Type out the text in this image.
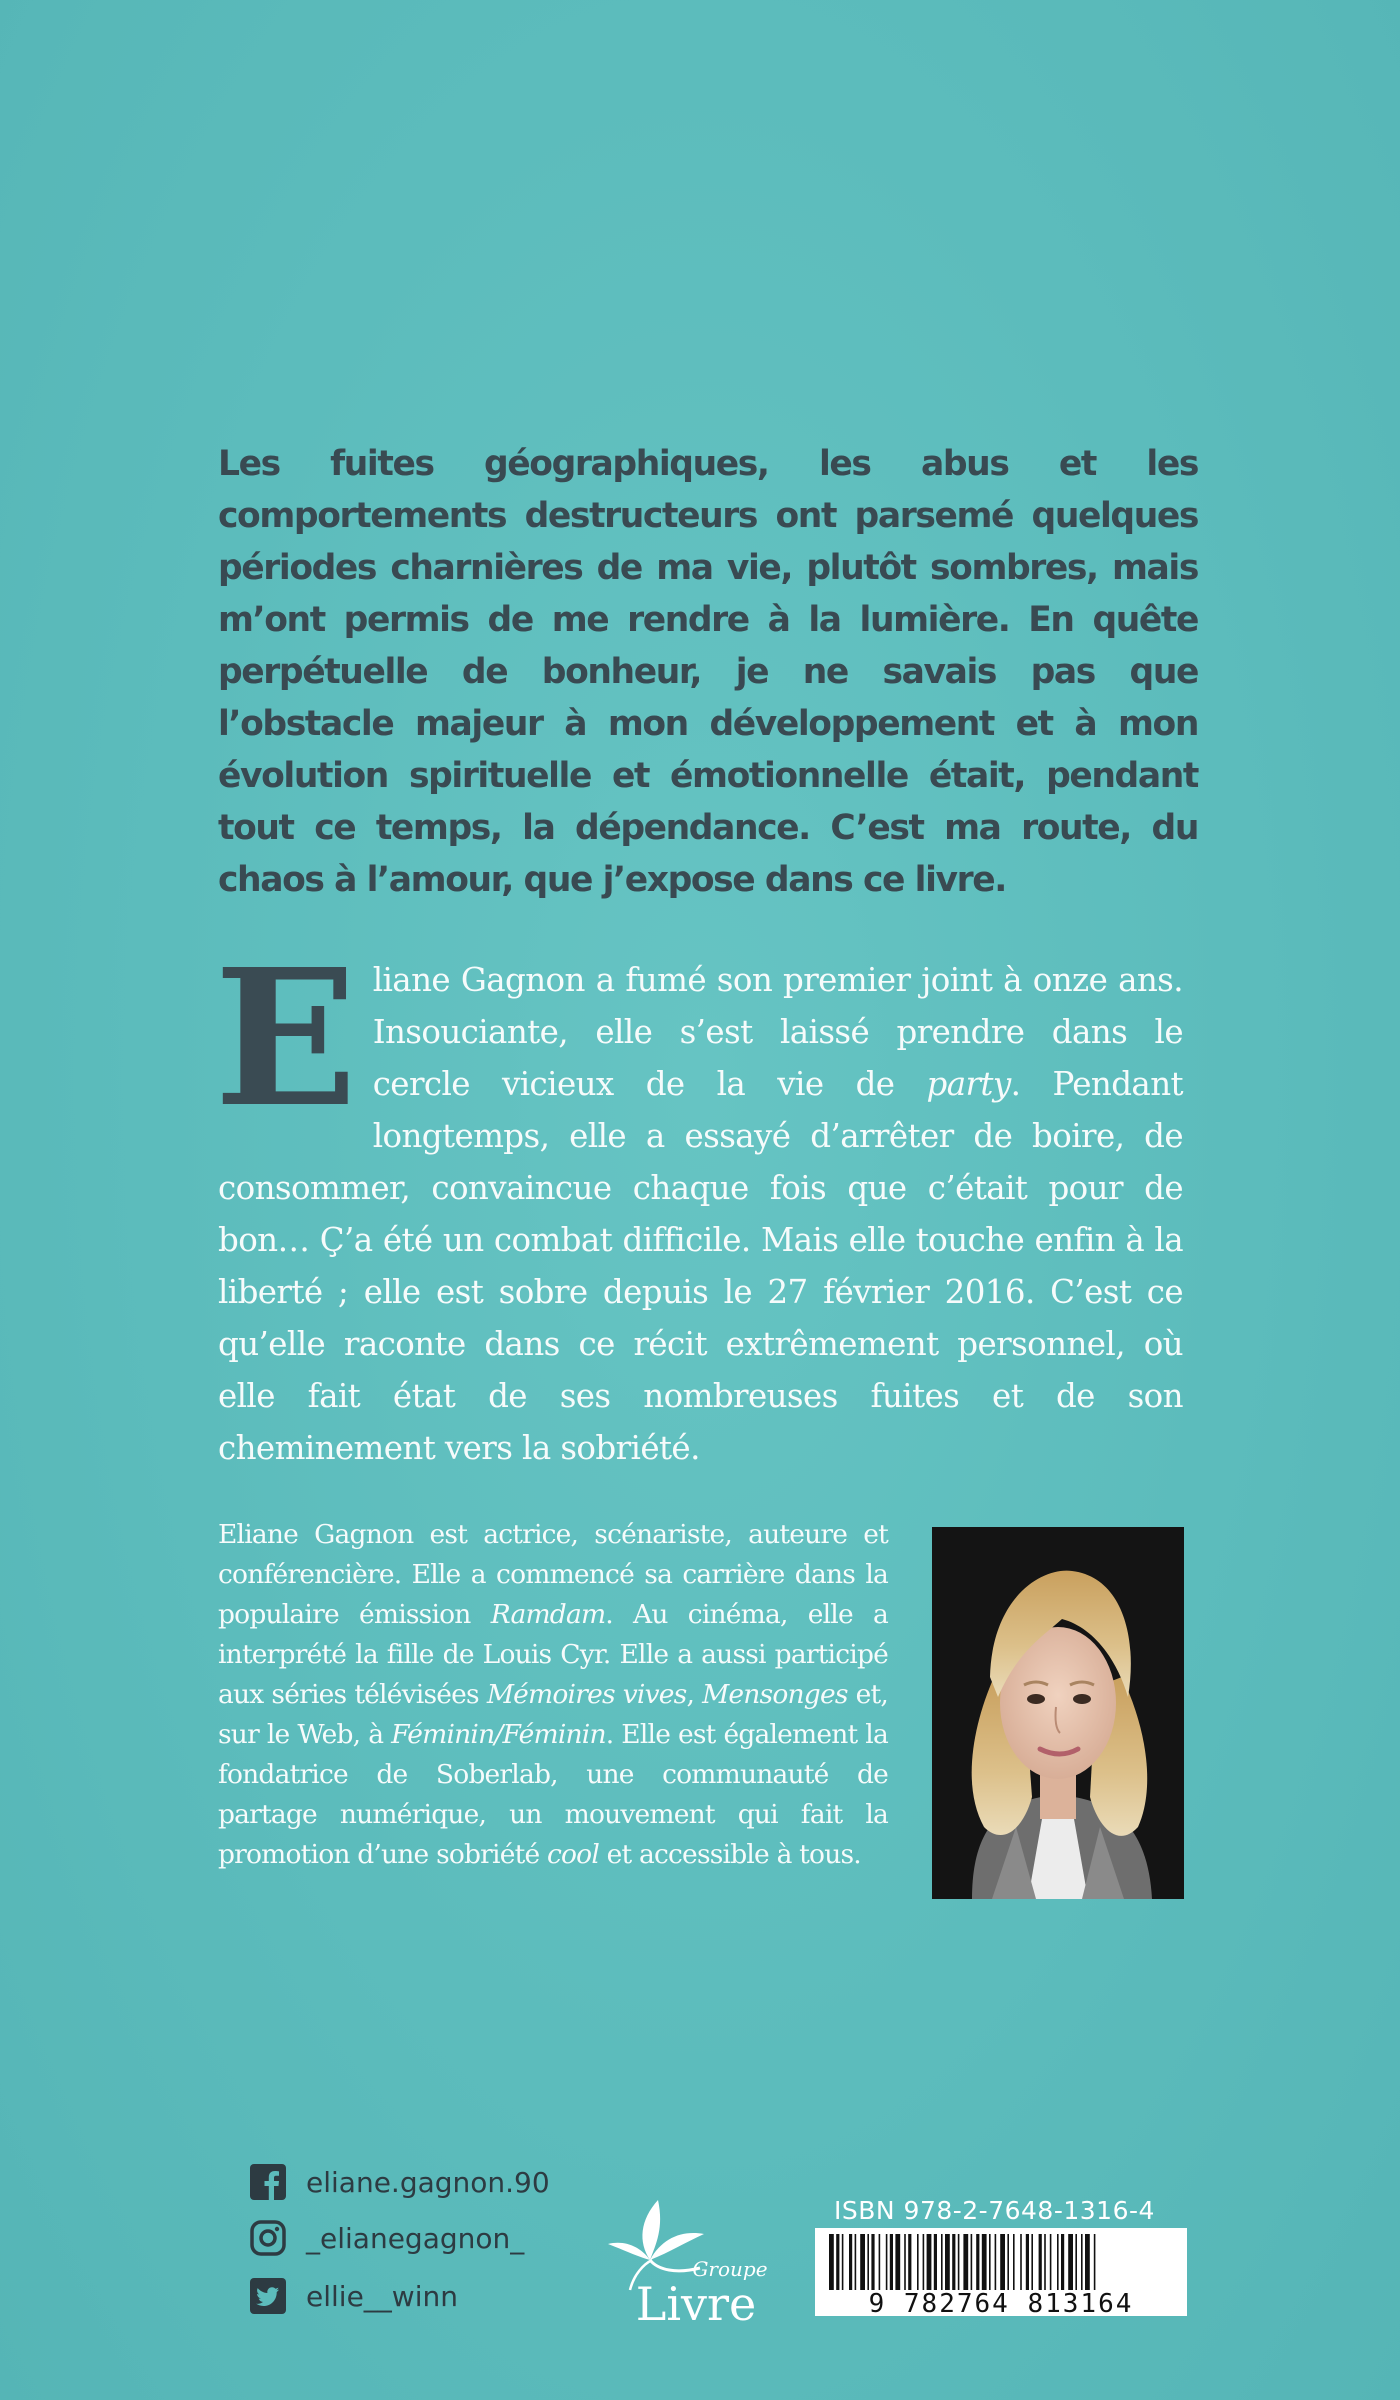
Les fuites géographiques, les abus et les comportements destructeurs ont parsemé quelques périodes charnières de ma vie, plutôt sombres, mais m’ont permis de me rendre à la lumière. En quête perpétuelle de bonheur, je ne savais pas que l’obstacle majeur à mon développement et à mon évolution spirituelle et émotionnelle était, pendant tout ce temps, la dépendance. C’est ma route, du chaos à l’amour, que j’expose dans ce livre.

Eliane Gagnon a fumé son premier joint à onze ans. Insouciante, elle s’est laissé prendre dans le cercle vicieux de la vie de party. Pendant longtemps, elle a essayé d’arrêter de boire, de consommer, convaincue chaque fois que c’était pour de bon… Ç’a été un combat difficile. Mais elle touche enfin à la liberté ; elle est sobre depuis le 27 février 2016. C’est ce qu’elle raconte dans ce récit extrêmement personnel, où elle fait état de ses nombreuses fuites et de son cheminement vers la sobriété.

Eliane Gagnon est actrice, scénariste, auteure et conférencière. Elle a commencé sa carrière dans la populaire émission Ramdam. Au cinéma, elle a interprété la fille de Louis Cyr. Elle a aussi participé aux séries télévisées Mémoires vives, Mensonges et, sur le Web, à Féminin/Féminin. Elle est également la fondatrice de Soberlab, une communauté de partage numérique, un mouvement qui fait la promotion d’une sobriété cool et accessible à tous.

eliane.gagnon.90
_elianegagnon_
ellie__winn
Groupe
Livre
ISBN 978-2-7648-1316-4
9 782764 813164
